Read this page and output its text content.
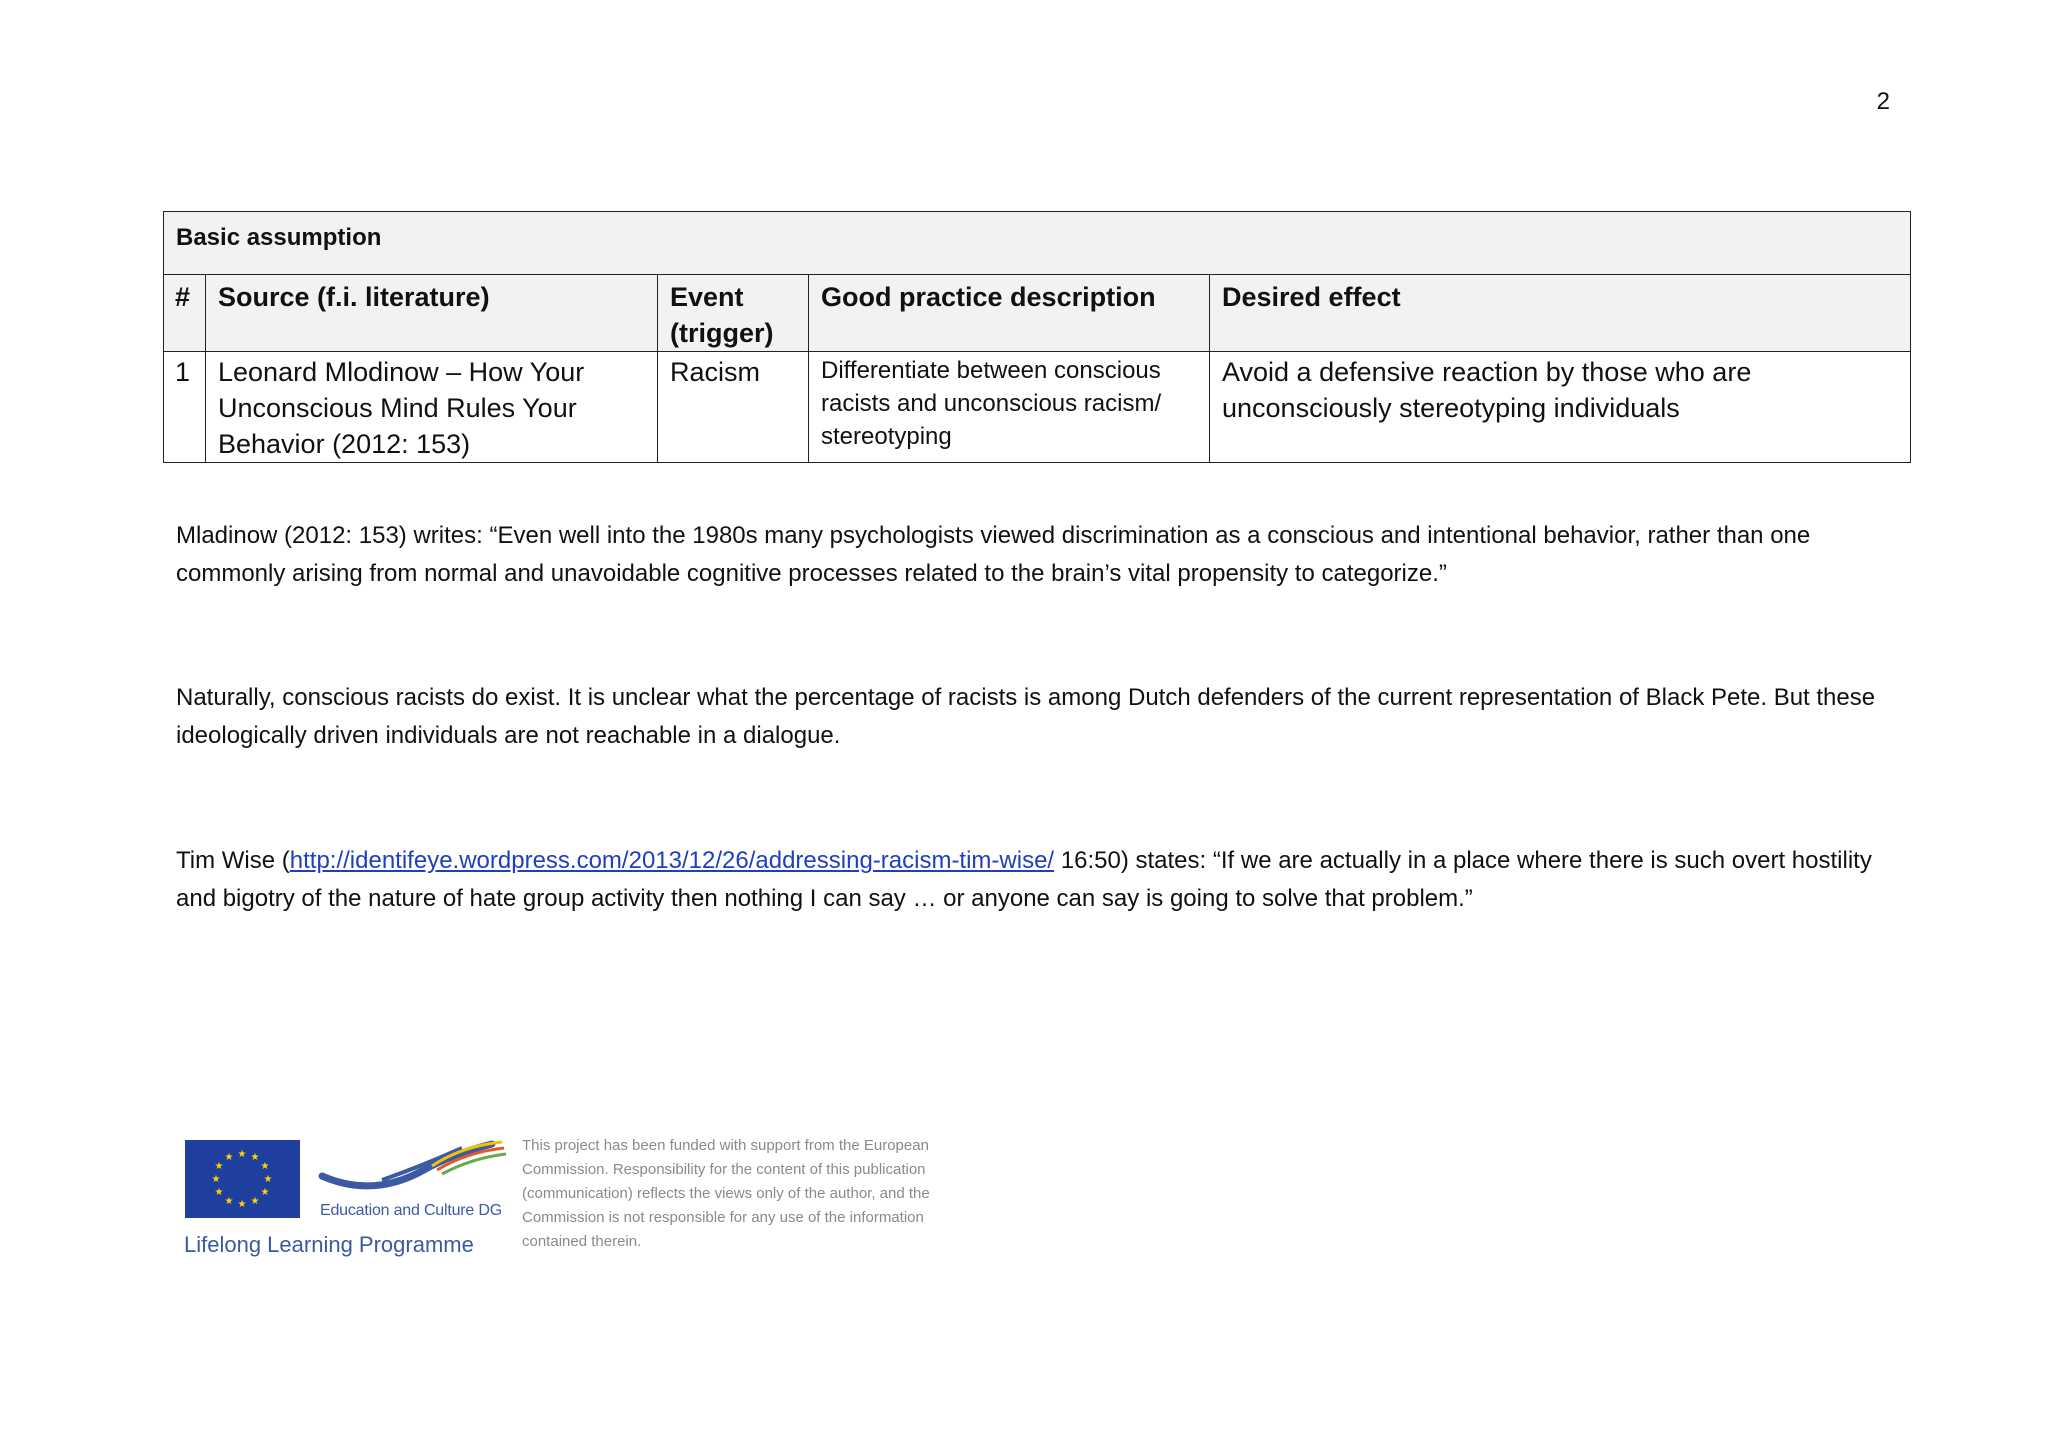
2
Basic assumption				
#	Source (f.i. literature)	Event (trigger)	Good practice description	Desired effect
1	Leonard Mlodinow – How Your Unconscious Mind Rules Your Behavior (2012: 153)	Racism	Differentiate between conscious racists and unconscious racism/ stereotyping	Avoid a defensive reaction by those who are unconsciously stereotyping individuals

Mladinow (2012: 153) writes: “Even well into the 1980s many psychologists viewed discrimination as a conscious and intentional behavior, rather than one commonly arising from normal and unavoidable cognitive processes related to the brain’s vital propensity to categorize.”

Naturally, conscious racists do exist. It is unclear what the percentage of racists is among Dutch defenders of the current representation of Black Pete. But these ideologically driven individuals are not reachable in a dialogue.

Tim Wise (http://identifeye.wordpress.com/2013/12/26/addressing-racism-tim-wise/ 16:50) states: “If we are actually in a place where there is such overt hostility and bigotry of the nature of hate group activity then nothing I can say … or anyone can say is going to solve that problem.”

★ ★
★
★
★
★
★
★
★
★
★
★
Education and Culture DG
Lifelong Learning Programme
This project has been funded with support from the European Commission. Responsibility for the content of this publication (communication) reflects the views only of the author, and the Commission is not responsible for any use of the information contained therein.
